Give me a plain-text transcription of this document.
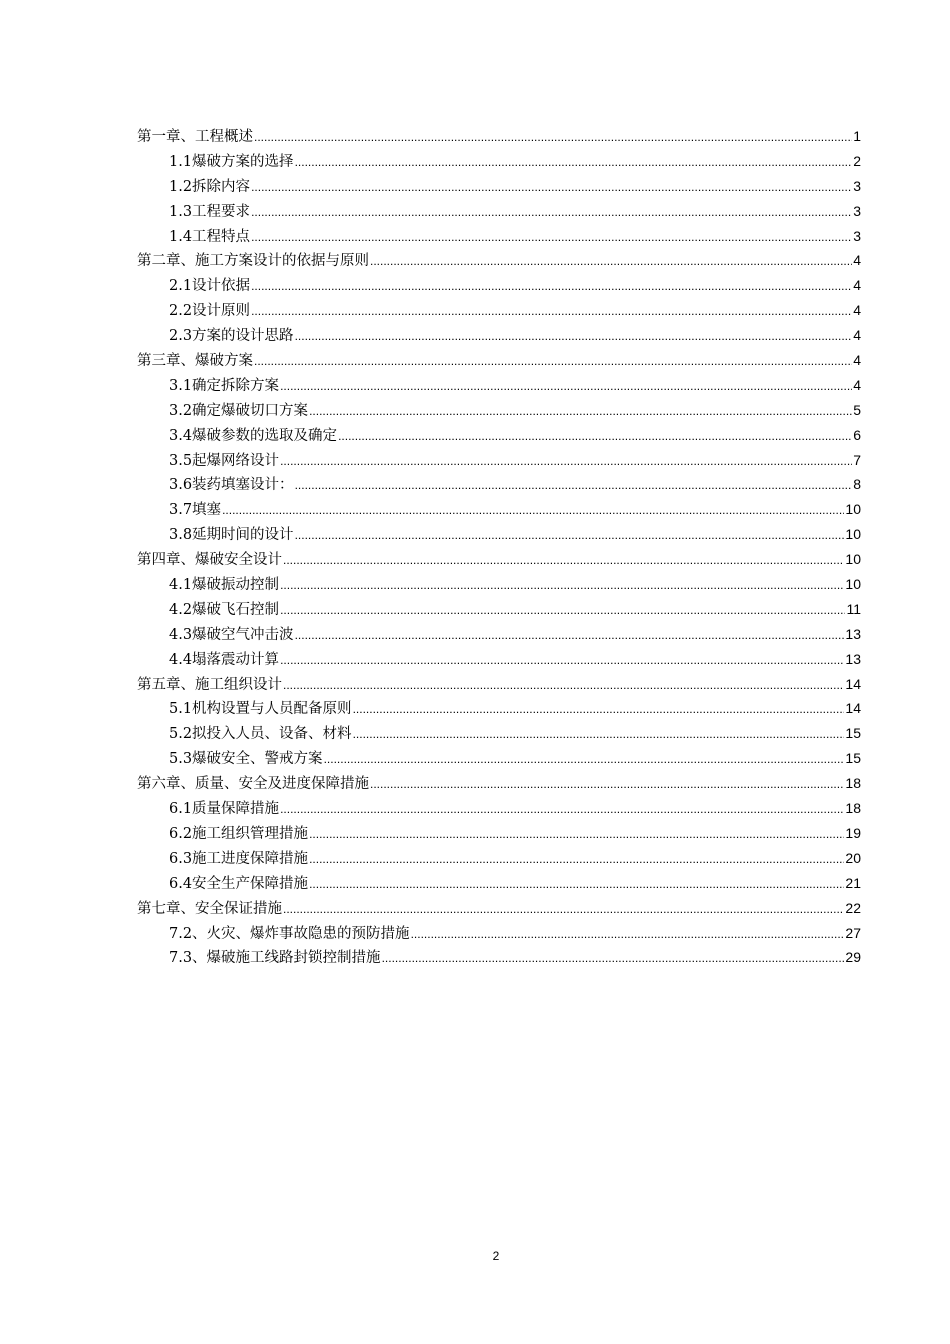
第一章、工程概述 .....	1
1.1爆破方案的选择 .....	2
1.2拆除内容 .....	3
1.3工程要求 .....	3
1.4工程特点 .....	3
第二章、施工方案设计的依据与原则 .....	4
2.1设计依据 .....	4
2.2设计原则 .....	4
2.3方案的设计思路 .....	4
第三章、爆破方案 .....	4
3.1确定拆除方案 .....	4
3.2确定爆破切口方案 .....	5
3.4爆破参数的选取及确定 .....	6
3.5起爆网络设计 .....	7
3.6装药填塞设计： .....	8
3.7填塞 .....	10
3.8延期时间的设计 .....	10
第四章、爆破安全设计 .....	10
4.1爆破振动控制 .....	10
4.2爆破飞石控制 .....	11
4.3爆破空气冲击波 .....	13
4.4塌落震动计算 .....	13
第五章、施工组织设计 .....	14
5.1机构设置与人员配备原则 .....	14
5.2拟投入人员、设备、材料 .....	15
5.3爆破安全、警戒方案 .....	15
第六章、质量、安全及进度保障措施 .....	18
6.1质量保障措施 .....	18
6.2施工组织管理措施 .....	19
6.3施工进度保障措施 .....	20
6.4安全生产保障措施 .....	21
第七章、安全保证措施 .....	22
7.2、火灾、爆炸事故隐患的预防措施 .....	27
7.3、爆破施工线路封锁控制措施 .....	29
2
